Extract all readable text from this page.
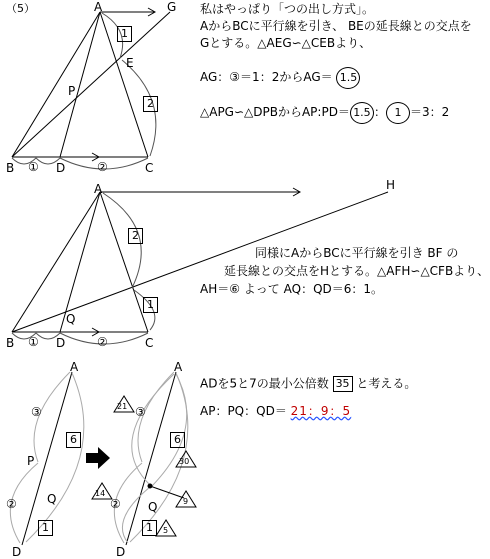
（5）	A	G
E
P
B	D	C
1
2
①	②
A	H
Q
B	D	C
2
1
①	②
A
P
Q
D
③
②
6
1
A
Q
D
③
②
6
1
21
30
14
9
5
私はやっぱり「つの出し方式」。
AからBCに平行線を引き、 BEの延長線との交点を
Gとする。△AEG∽△CEBより、
AG：③＝1：2からAG＝ 1.5
△APG∽△DPBからAP:PD＝ 1.5 ： 1 ＝3：2
同様にAからBCに平行線を引き BF の
延長線との交点をHとする。△AFH∽△CFBより、
AH＝⑥ よって AQ：QD＝6：1。
ADを5と7の最小公倍数 35 と考える。
AP：PQ：QD＝ 21：9：5
